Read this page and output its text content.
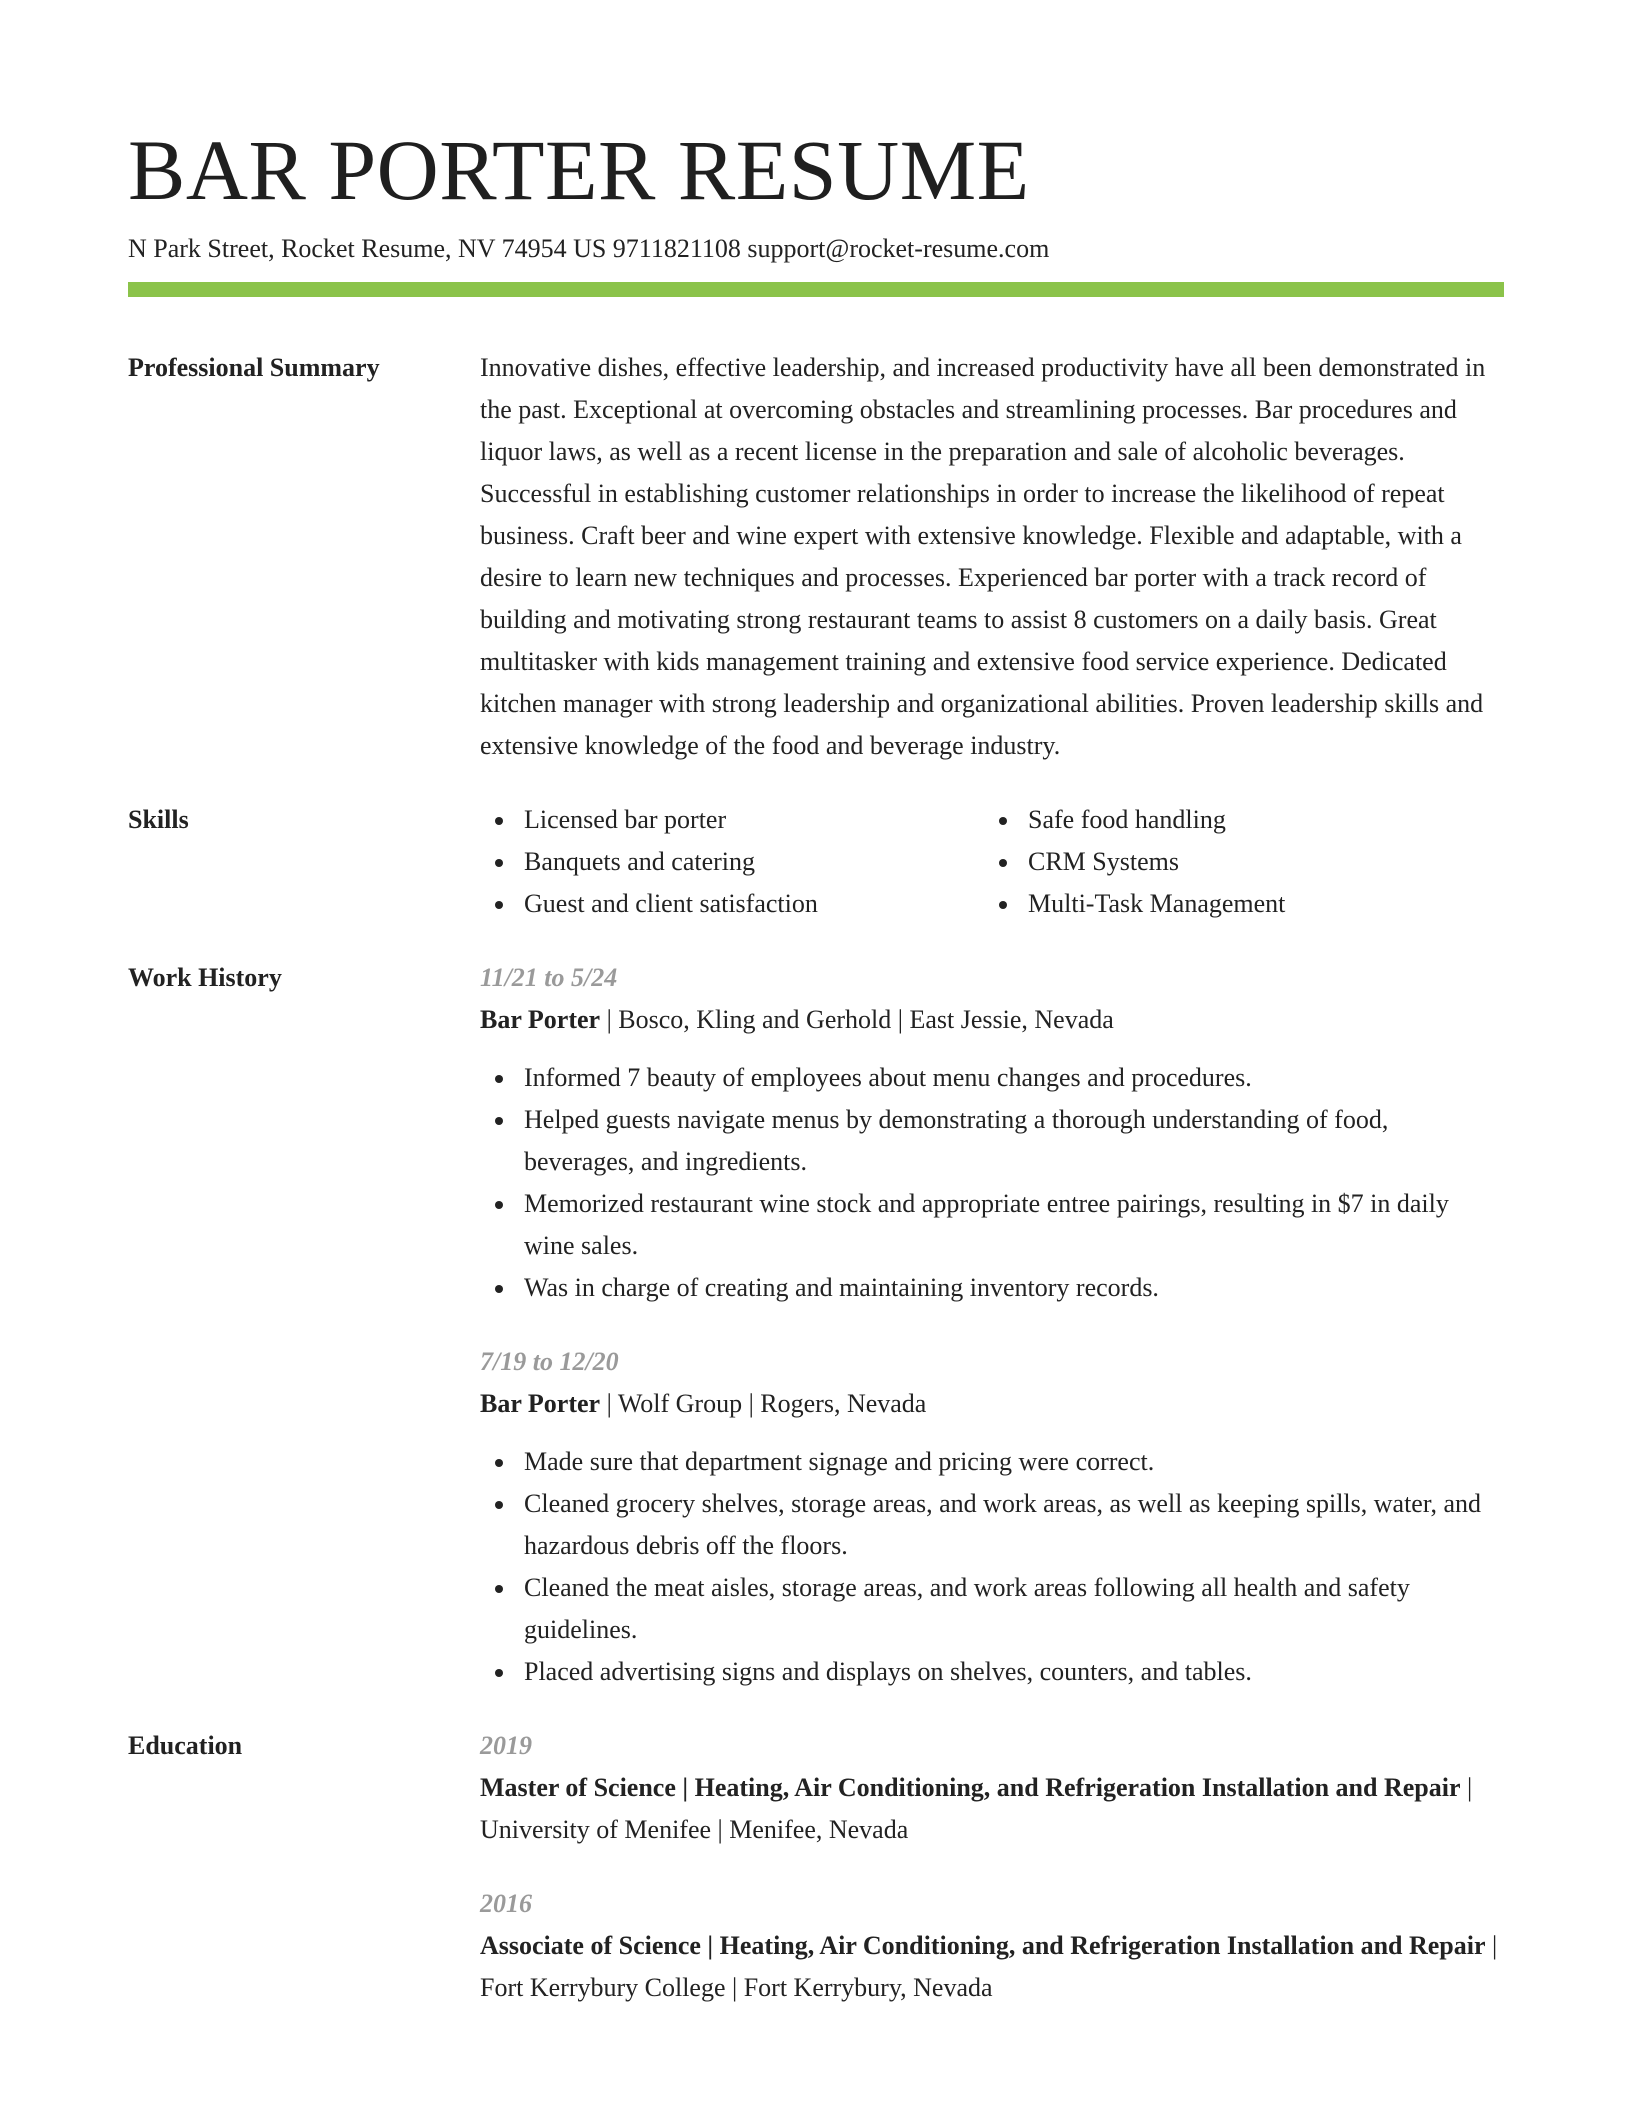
BAR PORTER RESUME
N Park Street, Rocket Resume, NV 74954 US 9711821108 support@rocket-resume.com
Professional Summary	Innovative dishes, effective leadership, and increased productivity have all been demonstrated in the past. Exceptional at overcoming obstacles and streamlining processes. Bar procedures and liquor laws, as well as a recent license in the preparation and sale of alcoholic beverages. Successful in establishing customer relationships in order to increase the likelihood of repeat business. Craft beer and wine expert with extensive knowledge. Flexible and adaptable, with a desire to learn new techniques and processes. Experienced bar porter with a track record of building and motivating strong restaurant teams to assist 8 customers on a daily basis. Great multitasker with kids management training and extensive food service experience. Dedicated kitchen manager with strong leadership and organizational abilities. Proven leadership skills and extensive knowledge of the food and beverage industry.
Skills	Licensed bar porter
Banquets and catering
Guest and client satisfaction
Safe food handling
CRM Systems
Multi-Task Management
Work History	11/21 to 5/24
Bar Porter | Bosco, Kling and Gerhold | East Jessie, Nevada
Informed 7 beauty of employees about menu changes and procedures.
Helped guests navigate menus by demonstrating a thorough understanding of food, beverages, and ingredients.
Memorized restaurant wine stock and appropriate entree pairings, resulting in $7 in daily wine sales.
Was in charge of creating and maintaining inventory records.
7/19 to 12/20
Bar Porter | Wolf Group | Rogers, Nevada
Made sure that department signage and pricing were correct.
Cleaned grocery shelves, storage areas, and work areas, as well as keeping spills, water, and hazardous debris off the floors.
Cleaned the meat aisles, storage areas, and work areas following all health and safety guidelines.
Placed advertising signs and displays on shelves, counters, and tables.
Education	2019
Master of Science | Heating, Air Conditioning, and Refrigeration Installation and Repair | University of Menifee | Menifee, Nevada
2016
Associate of Science | Heating, Air Conditioning, and Refrigeration Installation and Repair | Fort Kerrybury College | Fort Kerrybury, Nevada
